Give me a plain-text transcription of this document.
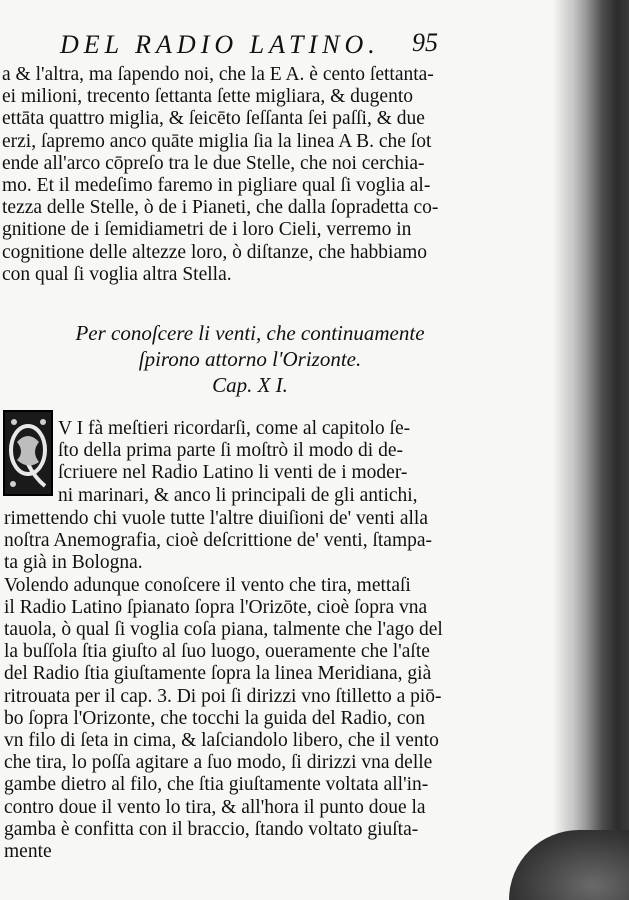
DEL RADIO LATINO.	95
a & l'altra, ma ſapendo noi, che la E A. è cento ſettanta-
ei milioni, trecento ſettanta ſette migliara, & dugento
ettāta quattro miglia, & ſeicēto ſeſſanta ſei paſſi, & due
erzi, ſapremo anco quāte miglia ſia la linea A B. che ſot
ende all'arco cōpreſo tra le due Stelle, che noi cerchia-
mo. Et il medeſimo faremo in pigliare qual ſi voglia al-
tezza delle Stelle, ò de i Pianeti, che dalla ſopradetta co-
gnitione de i ſemidiametri de i loro Cieli, verremo in
cognitione delle altezze loro, ò diſtanze, che habbiamo
con qual ſi voglia altra Stella.
Per conoſcere li venti, che continuamente
ſpirono attorno l'Orizonte.
Cap. X I.
V I fà meſtieri ricordarſi, come al capitolo ſe-
ſto della prima parte ſi moſtrò il modo di de-
ſcriuere nel Radio Latino li venti de i moder-
ni marinari, & anco li principali de gli antichi,
rimettendo chi vuole tutte l'altre diuiſioni de' venti alla
noſtra Anemografia, cioè deſcrittione de' venti, ſtampa-
ta già in Bologna.
Volendo adunque conoſcere il vento che tira, mettaſi
il Radio Latino ſpianato ſopra l'Orizōte, cioè ſopra vna
tauola, ò qual ſi voglia coſa piana, talmente che l'ago del
la buſſola ſtia giuſto al ſuo luogo, oueramente che l'aſte
del Radio ſtia giuſtamente ſopra la linea Meridiana, già
ritrouata per il cap. 3. Di poi ſi dirizzi vno ſtilletto a piō-
bo ſopra l'Orizonte, che tocchi la guida del Radio, con
vn filo di ſeta in cima, & laſciandolo libero, che il vento
che tira, lo poſſa agitare a ſuo modo, ſi dirizzi vna delle
gambe dietro al filo, che ſtia giuſtamente voltata all'in-
contro doue il vento lo tira, & all'hora il punto doue la
gamba è confitta con il braccio, ſtando voltato giuſta-
mente
